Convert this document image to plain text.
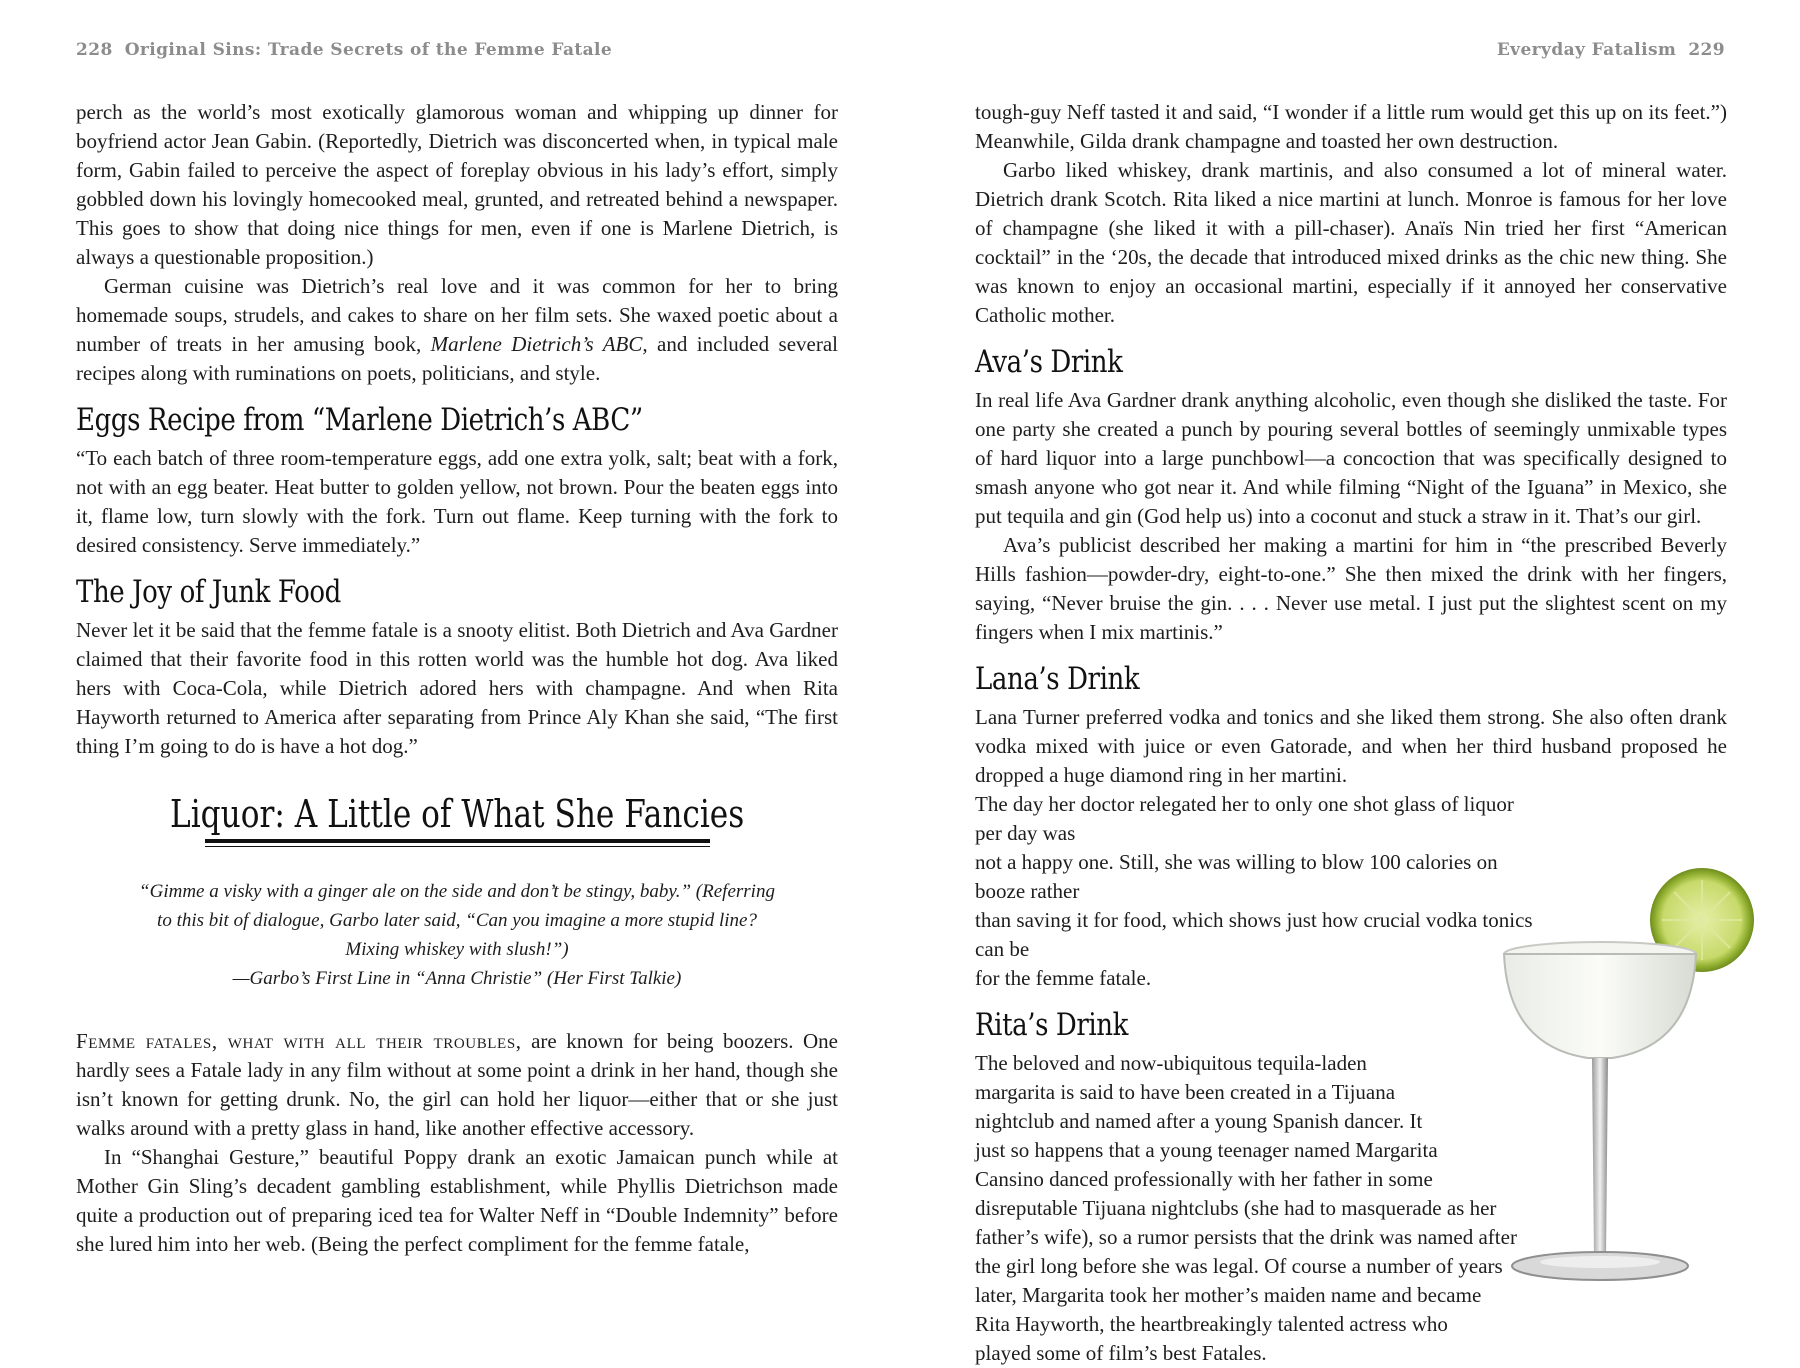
228 Original Sins: Trade Secrets of the Femme Fatale

perch as the world’s most exotically glamorous woman and whipping up dinner for boyfriend actor Jean Gabin. (Reportedly, Dietrich was disconcerted when, in typical male form, Gabin failed to perceive the aspect of foreplay obvious in his lady’s effort, simply gobbled down his lovingly homecooked meal, grunted, and retreated behind a newspaper. This goes to show that doing nice things for men, even if one is Marlene Dietrich, is always a questionable proposition.)

German cuisine was Dietrich’s real love and it was common for her to bring homemade soups, strudels, and cakes to share on her film sets. She waxed poetic about a number of treats in her amusing book, Marlene Dietrich’s ABC, and included several recipes along with ruminations on poets, politicians, and style.

Eggs Recipe from “Marlene Dietrich’s ABC”

“To each batch of three room-temperature eggs, add one extra yolk, salt; beat with a fork, not with an egg beater. Heat butter to golden yellow, not brown. Pour the beaten eggs into it, flame low, turn slowly with the fork. Turn out flame. Keep turning with the fork to desired consistency. Serve immediately.”

The Joy of Junk Food

Never let it be said that the femme fatale is a snooty elitist. Both Dietrich and Ava Gardner claimed that their favorite food in this rotten world was the humble hot dog. Ava liked hers with Coca-Cola, while Dietrich adored hers with champagne. And when Rita Hayworth returned to America after separating from Prince Aly Khan she said, “The first thing I’m going to do is have a hot dog.”

Liquor: A Little of What She Fancies
“Gimme a visky with a ginger ale on the side and don’t be stingy, baby.” (Referring
to this bit of dialogue, Garbo later said, “Can you imagine a more stupid line?
Mixing whiskey with slush!”)
—Garbo’s First Line in “Anna Christie” (Her First Talkie)

Femme fatales, what with all their troubles, are known for being boozers. One hardly sees a Fatale lady in any film without at some point a drink in her hand, though she isn’t known for getting drunk. No, the girl can hold her liquor—either that or she just walks around with a pretty glass in hand, like another effective accessory.

In “Shanghai Gesture,” beautiful Poppy drank an exotic Jamaican punch while at Mother Gin Sling’s decadent gambling establishment, while Phyllis Dietrichson made quite a production out of preparing iced tea for Walter Neff in “Double Indemnity” before she lured him into her web. (Being the perfect compliment for the femme fatale,

Everyday Fatalism 229

tough-guy Neff tasted it and said, “I wonder if a little rum would get this up on its feet.”) Meanwhile, Gilda drank champagne and toasted her own destruction.

Garbo liked whiskey, drank martinis, and also consumed a lot of mineral water. Dietrich drank Scotch. Rita liked a nice martini at lunch. Monroe is famous for her love of champagne (she liked it with a pill-chaser). Anaïs Nin tried her first “American cocktail” in the ‘20s, the decade that introduced mixed drinks as the chic new thing. She was known to enjoy an occasional martini, especially if it annoyed her conservative Catholic mother.

Ava’s Drink

In real life Ava Gardner drank anything alcoholic, even though she disliked the taste. For one party she created a punch by pouring several bottles of seemingly unmixable types of hard liquor into a large punchbowl—a concoction that was specifically designed to smash anyone who got near it. And while filming “Night of the Iguana” in Mexico, she put tequila and gin (God help us) into a coconut and stuck a straw in it. That’s our girl.

Ava’s publicist described her making a martini for him in “the prescribed Beverly Hills fashion—powder-dry, eight-to-one.” She then mixed the drink with her fingers, saying, “Never bruise the gin. . . . Never use metal. I just put the slightest scent on my fingers when I mix martinis.”

Lana’s Drink

Lana Turner preferred vodka and tonics and she liked them strong. She also often drank vodka mixed with juice or even Gatorade, and when her third husband proposed he dropped a huge diamond ring in her martini.

The day her doctor relegated her to only one shot glass of liquor per day was

not a happy one. Still, she was willing to blow 100 calories on booze rather

than saving it for food, which shows just how crucial vodka tonics can be

for the femme fatale.

Rita’s Drink
The beloved and now-ubiquitous tequila-laden
margarita is said to have been created in a Tijuana
nightclub and named after a young Spanish dancer. It
just so happens that a young teenager named Margarita
Cansino danced professionally with her father in some
disreputable Tijuana nightclubs (she had to masquerade as her
father’s wife), so a rumor persists that the drink was named after
the girl long before she was legal. Of course a number of years
later, Margarita took her mother’s maiden name and became
Rita Hayworth, the heartbreakingly talented actress who
played some of film’s best Fatales.
